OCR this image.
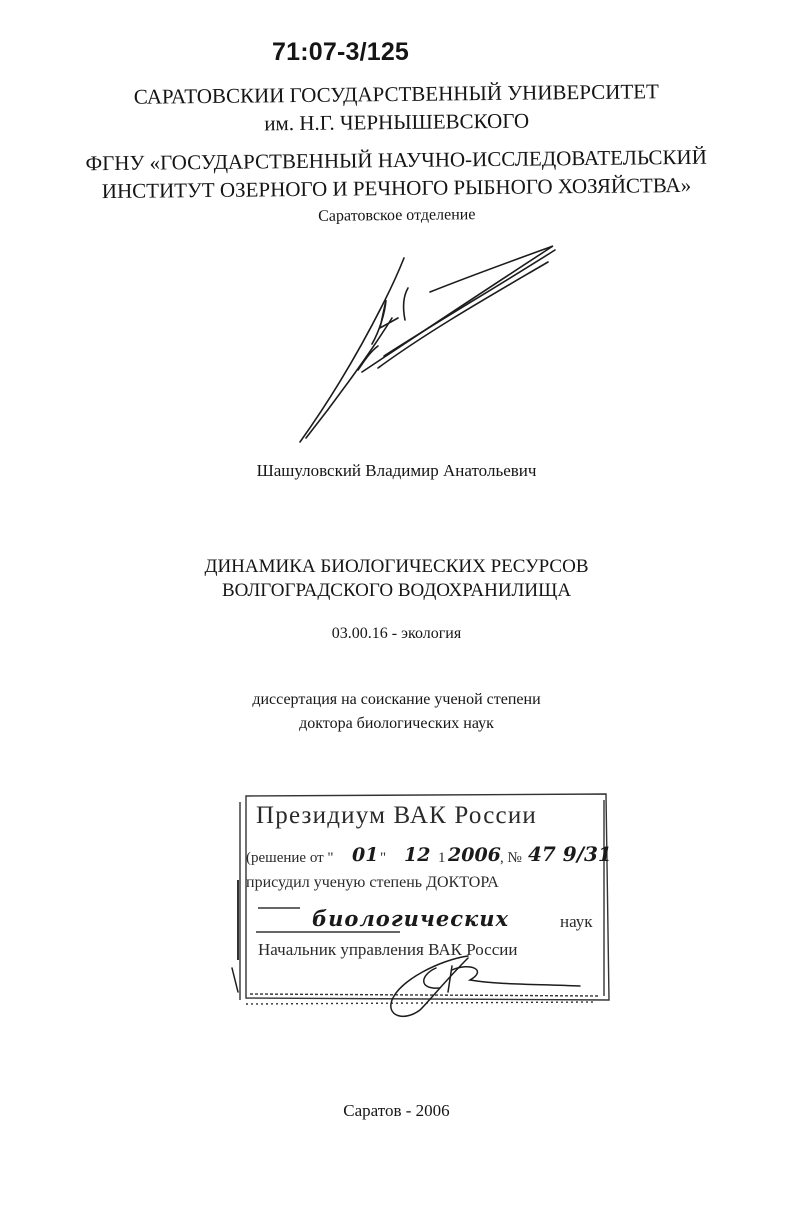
71:07-3/125
САРАТОВСКИИ ГОСУДАРСТВЕННЫЙ УНИВЕРСИТЕТ
им. Н.Г. ЧЕРНЫШЕВСКОГО
ФГНУ «ГОСУДАРСТВЕННЫЙ НАУЧНО-ИССЛЕДОВАТЕЛЬСКИЙ
ИНСТИТУТ ОЗЕРНОГО И РЕЧНОГО РЫБНОГО ХОЗЯЙСТВА»
Саратовское отделение
Шашуловский Владимир Анатольевич
ДИНАМИКА БИОЛОГИЧЕСКИХ РЕСУРСОВ
ВОЛГОГРАДСКОГО ВОДОХРАНИЛИЩА
03.00.16 - экология
диссертация на соискание ученой степени
доктора биологических наук
Президиум ВАК России
(решение от " 01 " 12 1 2006 , № 47 9/31
присудил ученую степень ДОКТОРА
биологических	наук
Начальник управления ВАК России
Саратов - 2006
